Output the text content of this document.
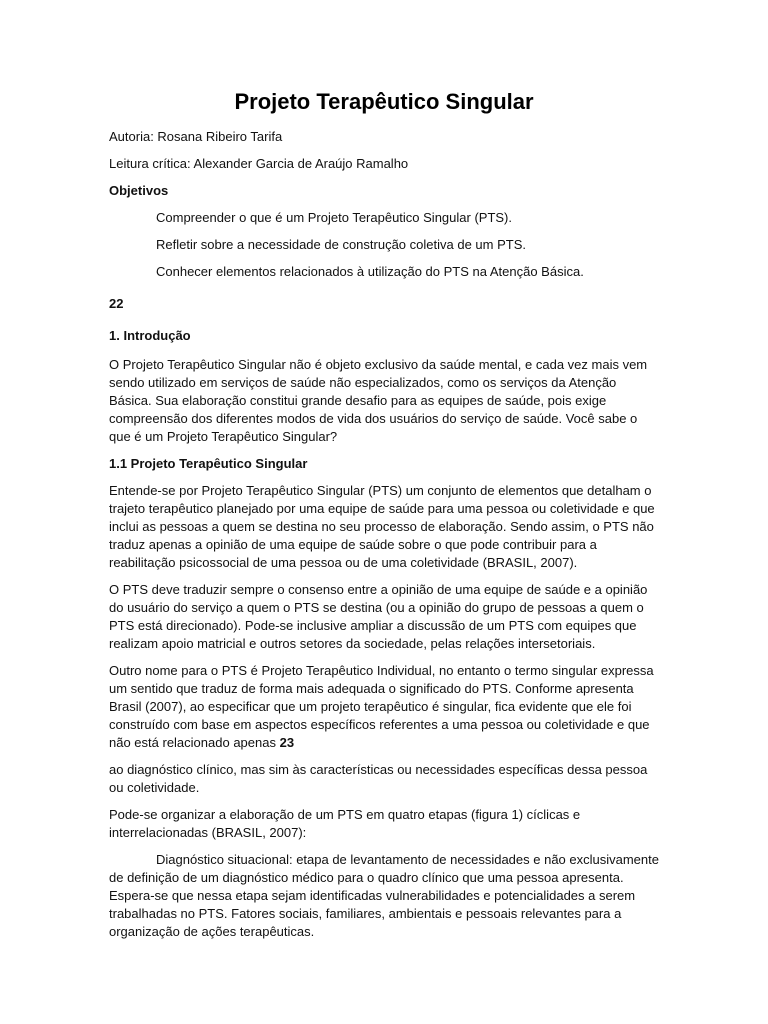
Projeto Terapêutico Singular

Autoria: Rosana Ribeiro Tarifa

Leitura crítica: Alexander Garcia de Araújo Ramalho

Objetivos

Compreender o que é um Projeto Terapêutico Singular (PTS).

Refletir sobre a necessidade de construção coletiva de um PTS.

Conhecer elementos relacionados à utilização do PTS na Atenção Básica.

22

1. Introdução

O Projeto Terapêutico Singular não é objeto exclusivo da saúde mental, e cada vez mais vem sendo utilizado em serviços de saúde não especializados, como os serviços da Atenção Básica. Sua elaboração constitui grande desafio para as equipes de saúde, pois exige compreensão dos diferentes modos de vida dos usuários do serviço de saúde. Você sabe o que é um Projeto Terapêutico Singular?

1.1 Projeto Terapêutico Singular

Entende-se por Projeto Terapêutico Singular (PTS) um conjunto de elementos que detalham o trajeto terapêutico planejado por uma equipe de saúde para uma pessoa ou coletividade e que inclui as pessoas a quem se destina no seu processo de elaboração. Sendo assim, o PTS não traduz apenas a opinião de uma equipe de saúde sobre o que pode contribuir para a reabilitação psicossocial de uma pessoa ou de uma coletividade (BRASIL, 2007).

O PTS deve traduzir sempre o consenso entre a opinião de uma equipe de saúde e a opinião do usuário do serviço a quem o PTS se destina (ou a opinião do grupo de pessoas a quem o PTS está direcionado). Pode-se inclusive ampliar a discussão de um PTS com equipes que realizam apoio matricial e outros setores da sociedade, pelas relações intersetoriais.

Outro nome para o PTS é Projeto Terapêutico Individual, no entanto o termo singular expressa um sentido que traduz de forma mais adequada o significado do PTS. Conforme apresenta Brasil (2007), ao especificar que um projeto terapêutico é singular, fica evidente que ele foi construído com base em aspectos específicos referentes a uma pessoa ou coletividade e que não está relacionado apenas 23

ao diagnóstico clínico, mas sim às características ou necessidades específicas dessa pessoa ou coletividade.

Pode-se organizar a elaboração de um PTS em quatro etapas (figura 1) cíclicas e interrelacionadas (BRASIL, 2007):

Diagnóstico situacional: etapa de levantamento de necessidades e não exclusivamente de definição de um diagnóstico médico para o quadro clínico que uma pessoa apresenta. Espera-se que nessa etapa sejam identificadas vulnerabilidades e potencialidades a serem trabalhadas no PTS. Fatores sociais, familiares, ambientais e pessoais relevantes para a organização de ações terapêuticas.
